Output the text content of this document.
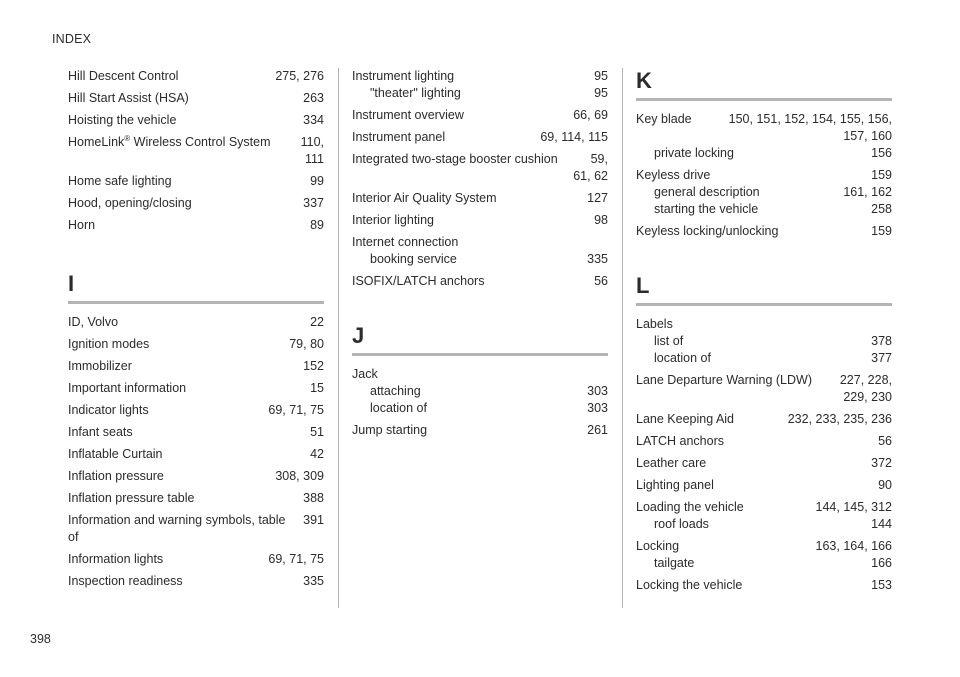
INDEX
Hill Descent Control	275, 276
Hill Start Assist (HSA)	263
Hoisting the vehicle	334
HomeLink® Wireless Control System	110,
111
Home safe lighting	99
Hood, opening/closing	337
Horn	89
I
ID, Volvo	22
Ignition modes	79, 80
Immobilizer	152
Important information	15
Indicator lights	69, 71, 75
Infant seats	51
Inflatable Curtain	42
Inflation pressure	308, 309
Inflation pressure table	388
Information and warning symbols, table of
391
Information lights	69, 71, 75
Inspection readiness	335
Instrument lighting	95
"theater" lighting	95
Instrument overview	66, 69
Instrument panel	69, 114, 115
Integrated two-stage booster cushion	59,
61, 62
Interior Air Quality System	127
Interior lighting	98
Internet connection
booking service	335
ISOFIX/LATCH anchors	56
J
Jack
attaching	303
location of	303
Jump starting	261
K
Key blade	150, 151, 152, 154, 155, 156,
157, 160
private locking	156
Keyless drive	159
general description	161, 162
starting the vehicle	258
Keyless locking/unlocking	159
L
Labels
list of	378
location of	377
Lane Departure Warning (LDW)	227, 228,
229, 230
Lane Keeping Aid	232, 233, 235, 236
LATCH anchors	56
Leather care	372
Lighting panel	90
Loading the vehicle	144, 145, 312
roof loads	144
Locking	163, 164, 166
tailgate	166
Locking the vehicle	153
398
